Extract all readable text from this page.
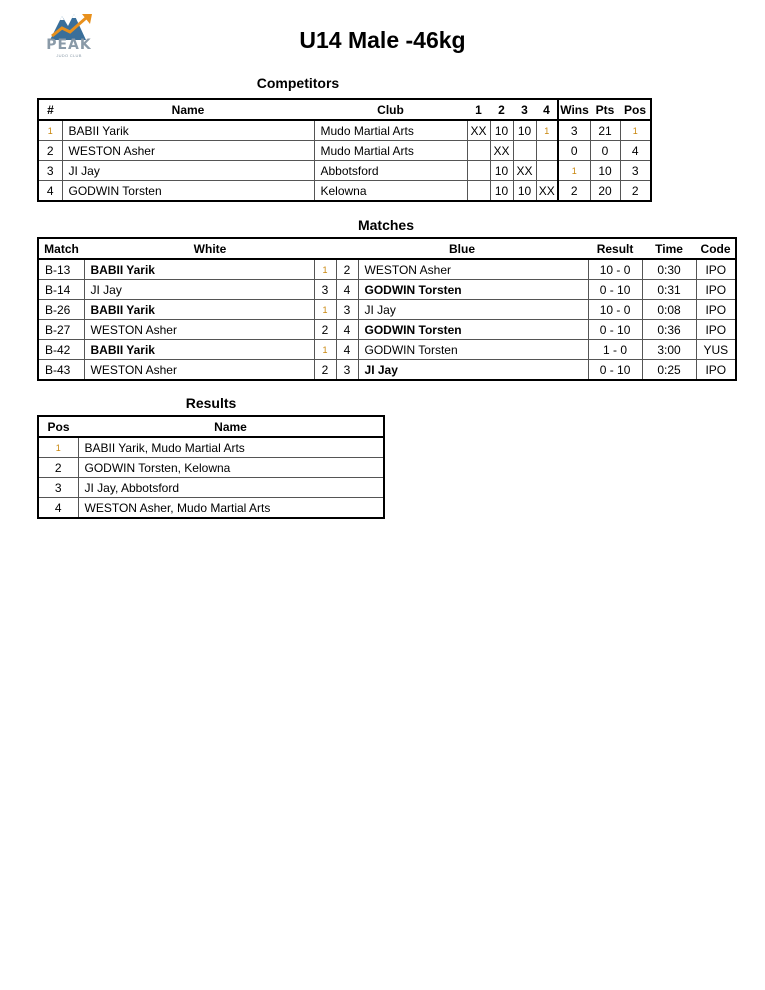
PEAK
JUDO CLUB
U14 Male -46kg
Competitors
#	Name	Club	1	2	3	4	Wins	Pts	Pos
1	BABII Yarik	Mudo Martial Arts	XX	10	10	1	3	21	1
2	WESTON Asher	Mudo Martial Arts		XX			0	0	4
3	JI Jay	Abbotsford		10	XX		1	10	3
4	GODWIN Torsten	Kelowna		10	10	XX	2	20	2
Matches
Match	White		Blue		Result	Time	Code
B-13	BABII Yarik	1	2	WESTON Asher	10 - 0	0:30	IPO
B-14	JI Jay	3	4	GODWIN Torsten	0 - 10	0:31	IPO
B-26	BABII Yarik	1	3	JI Jay	10 - 0	0:08	IPO
B-27	WESTON Asher	2	4	GODWIN Torsten	0 - 10	0:36	IPO
B-42	BABII Yarik	1	4	GODWIN Torsten	1 - 0	3:00	YUS
B-43	WESTON Asher	2	3	JI Jay	0 - 10	0:25	IPO
Results
Pos	Name
1	BABII Yarik, Mudo Martial Arts
2	GODWIN Torsten, Kelowna
3	JI Jay, Abbotsford
4	WESTON Asher, Mudo Martial Arts
